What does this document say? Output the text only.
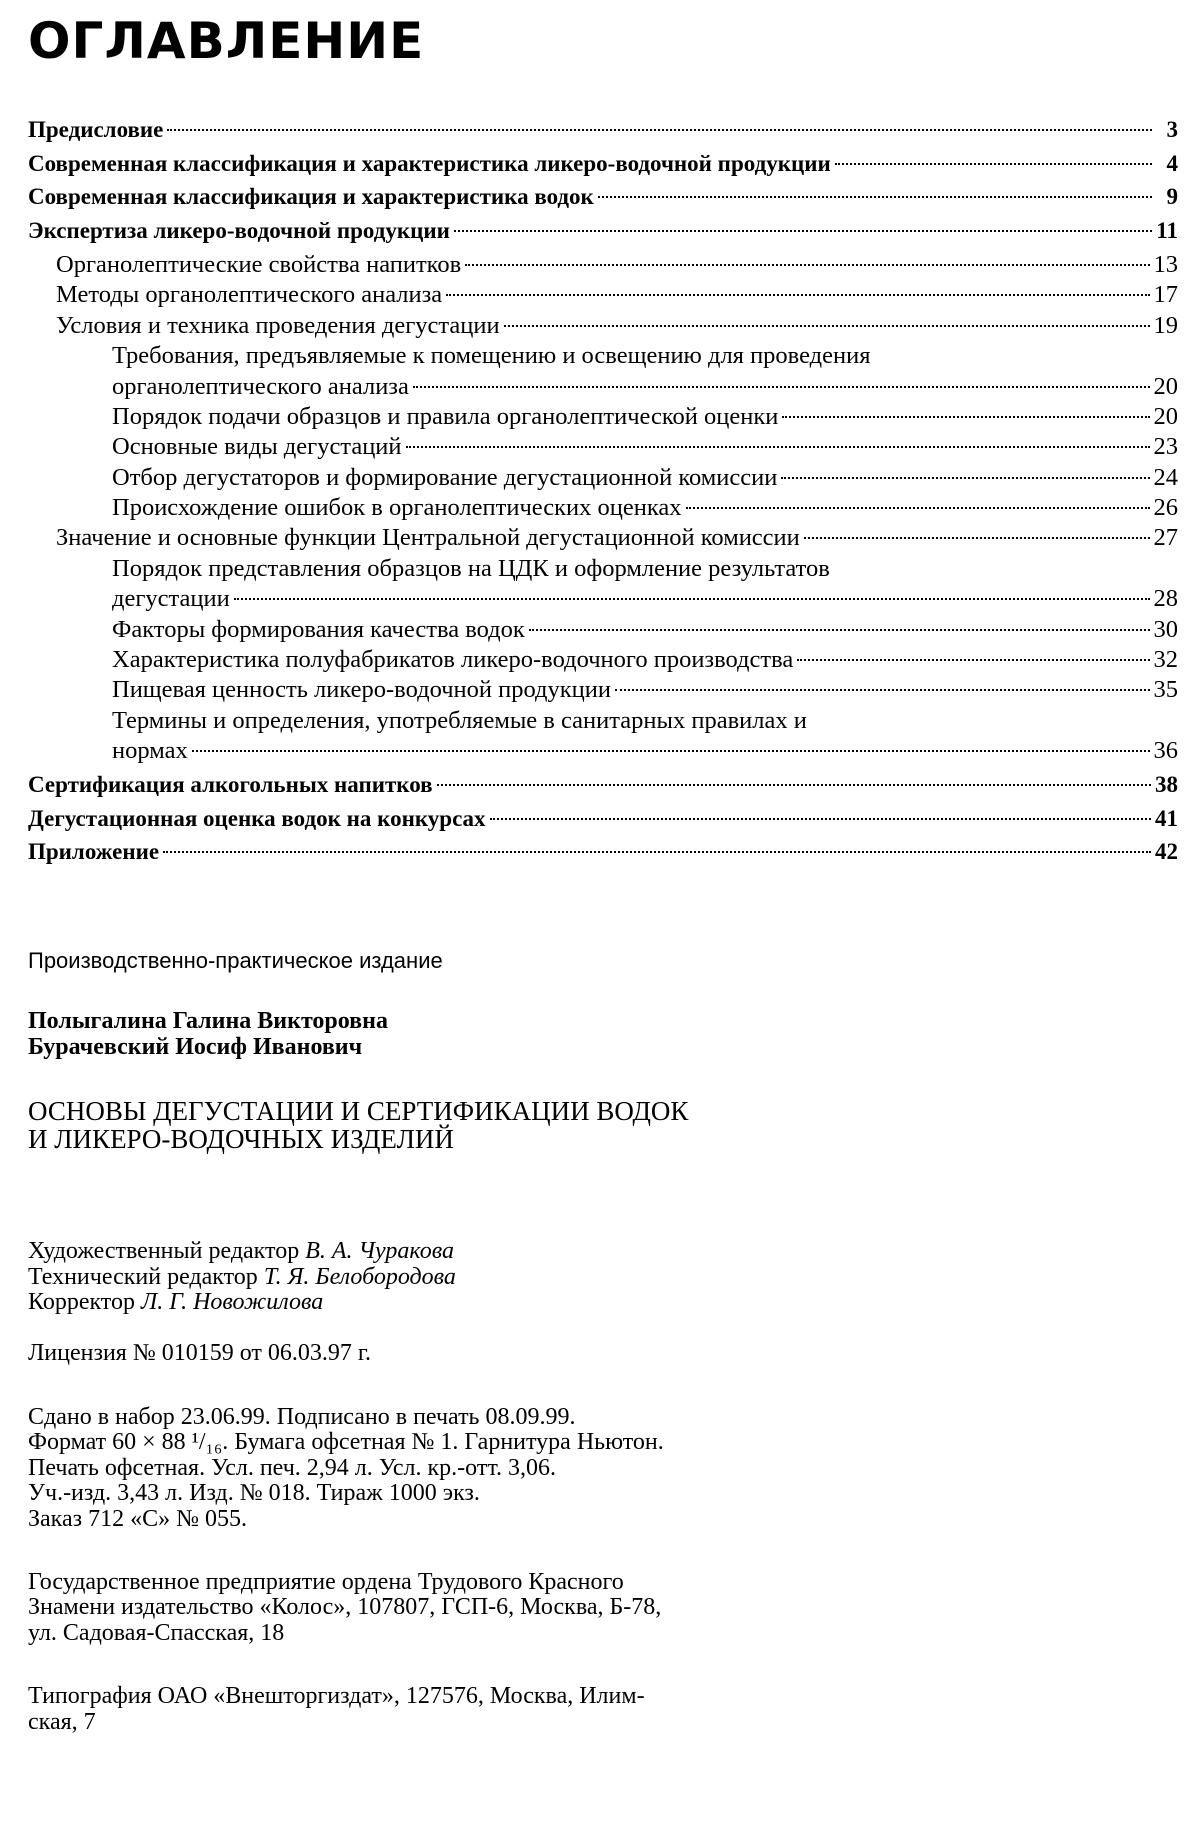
ОГЛАВЛЕНИЕ
Предисловие	3
Современная классификация и характеристика ликеро-водочной продукции	4
Современная классификация и характеристика водок	9
Экспертиза ликеро-водочной продукции	11
Органолептические свойства напитков	13
Методы органолептического анализа	17
Условия и техника проведения дегустации	19
Требования, предъявляемые к помещению и освещению для проведения
органолептического анализа	20
Порядок подачи образцов и правила органолептической оценки	20
Основные виды дегустаций	23
Отбор дегустаторов и формирование дегустационной комиссии	24
Происхождение ошибок в органолептических оценках	26
Значение и основные функции Центральной дегустационной комиссии	27
Порядок представления образцов на ЦДК и оформление результатов
дегустации	28
Факторы формирования качества водок	30
Характеристика полуфабрикатов ликеро-водочного производства	32
Пищевая ценность ликеро-водочной продукции	35
Термины и определения, употребляемые в санитарных правилах и
нормах	36
Сертификация алкогольных напитков	38
Дегустационная оценка водок на конкурсах	41
Приложение	42

Производственно-практическое издание

Полыгалина Галина Викторовна
Бурачевский Иосиф Иванович
ОСНОВЫ ДЕГУСТАЦИИ И СЕРТИФИКАЦИИ ВОДОК
И ЛИКЕРО-ВОДОЧНЫХ ИЗДЕЛИЙ
Художественный редактор В. А. Чуракова
Технический редактор Т. Я. Белобородова
Корректор Л. Г. Новожилова

Лицензия № 010159 от 06.03.97 г.

Сдано в набор 23.06.99. Подписано в печать 08.09.99.
Формат 60 × 88 ¹/₁₆. Бумага офсетная № 1. Гарнитура Ньютон.
Печать офсетная. Усл. печ. 2,94 л. Усл. кр.-отт. 3,06.
Уч.-изд. 3,43 л. Изд. № 018. Тираж 1000 экз.
Заказ 712 «С» № 055.
Государственное предприятие ордена Трудового Красного
Знамени издательство «Колос», 107807, ГСП-6, Москва, Б-78,
ул. Садовая-Спасская, 18
Типография ОАО «Внешторгиздат», 127576, Москва, Илим-
ская, 7
